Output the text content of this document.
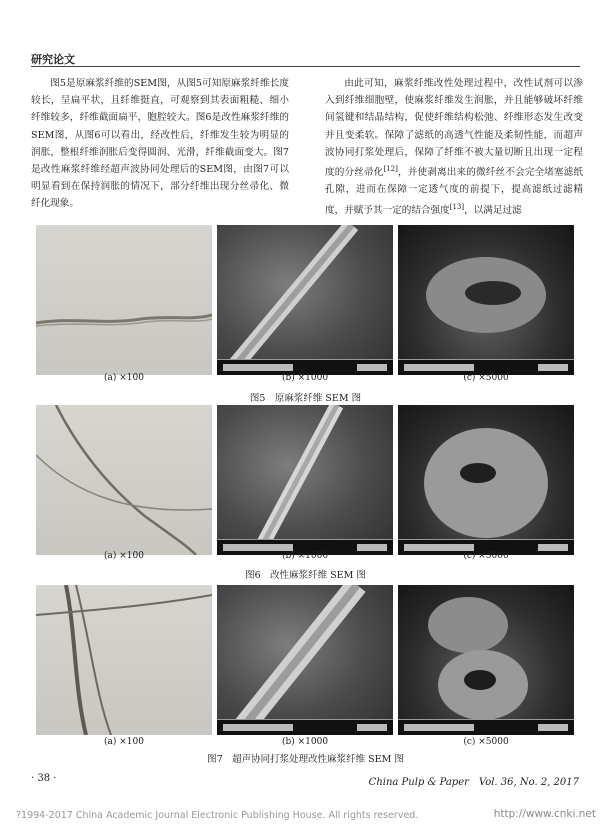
研究论文

图5是原麻浆纤维的SEM图，从图5可知原麻浆纤维长度较长，呈扁平状，且纤维挺直，可观察到其表面粗糙、细小纤维较多，纤维截面扁平，胞腔较大。图6是改性麻浆纤维的SEM图，从图6可以看出，经改性后，纤维发生较为明显的润胀，整根纤维润胀后变得圆润、光滑，纤维截面变大。图7是改性麻浆纤维经超声波协同处理后的SEM图，由图7可以明显看到在保持润胀的情况下，部分纤维出现分丝帚化、微纤化现象。

由此可知，麻浆纤维改性处理过程中，改性试剂可以渗入到纤维细胞壁，使麻浆纤维发生润胀，并且能够破坏纤维间氢键和结晶结构，促使纤维结构松弛、纤维形态发生改变并且变柔软。保障了滤纸的高透气性能及柔韧性能，而超声波协同打浆处理后，保障了纤维不被大量切断且出现一定程度的分丝帚化[12]，并使剥离出来的微纤丝不会完全堵塞滤纸孔隙，进而在保障一定透气度的前提下，提高滤纸过滤精度，并赋予其一定的结合强度[13]，以满足过滤

(a) ×100	(b) ×1000	(c) ×5000
图5　原麻浆纤维 SEM 图
(a) ×100	(b) ×1000	(c) ×5000
图6　改性麻浆纤维 SEM 图
(a) ×100	(b) ×1000	(c) ×5000
图7　超声协同打浆处理改性麻浆纤维 SEM 图
· 38 ·	China Pulp & Paper　Vol. 36, No. 2, 2017
?1994-2017 China Academic Journal Electronic Publishing House. All rights reserved.	http://www.cnki.net
